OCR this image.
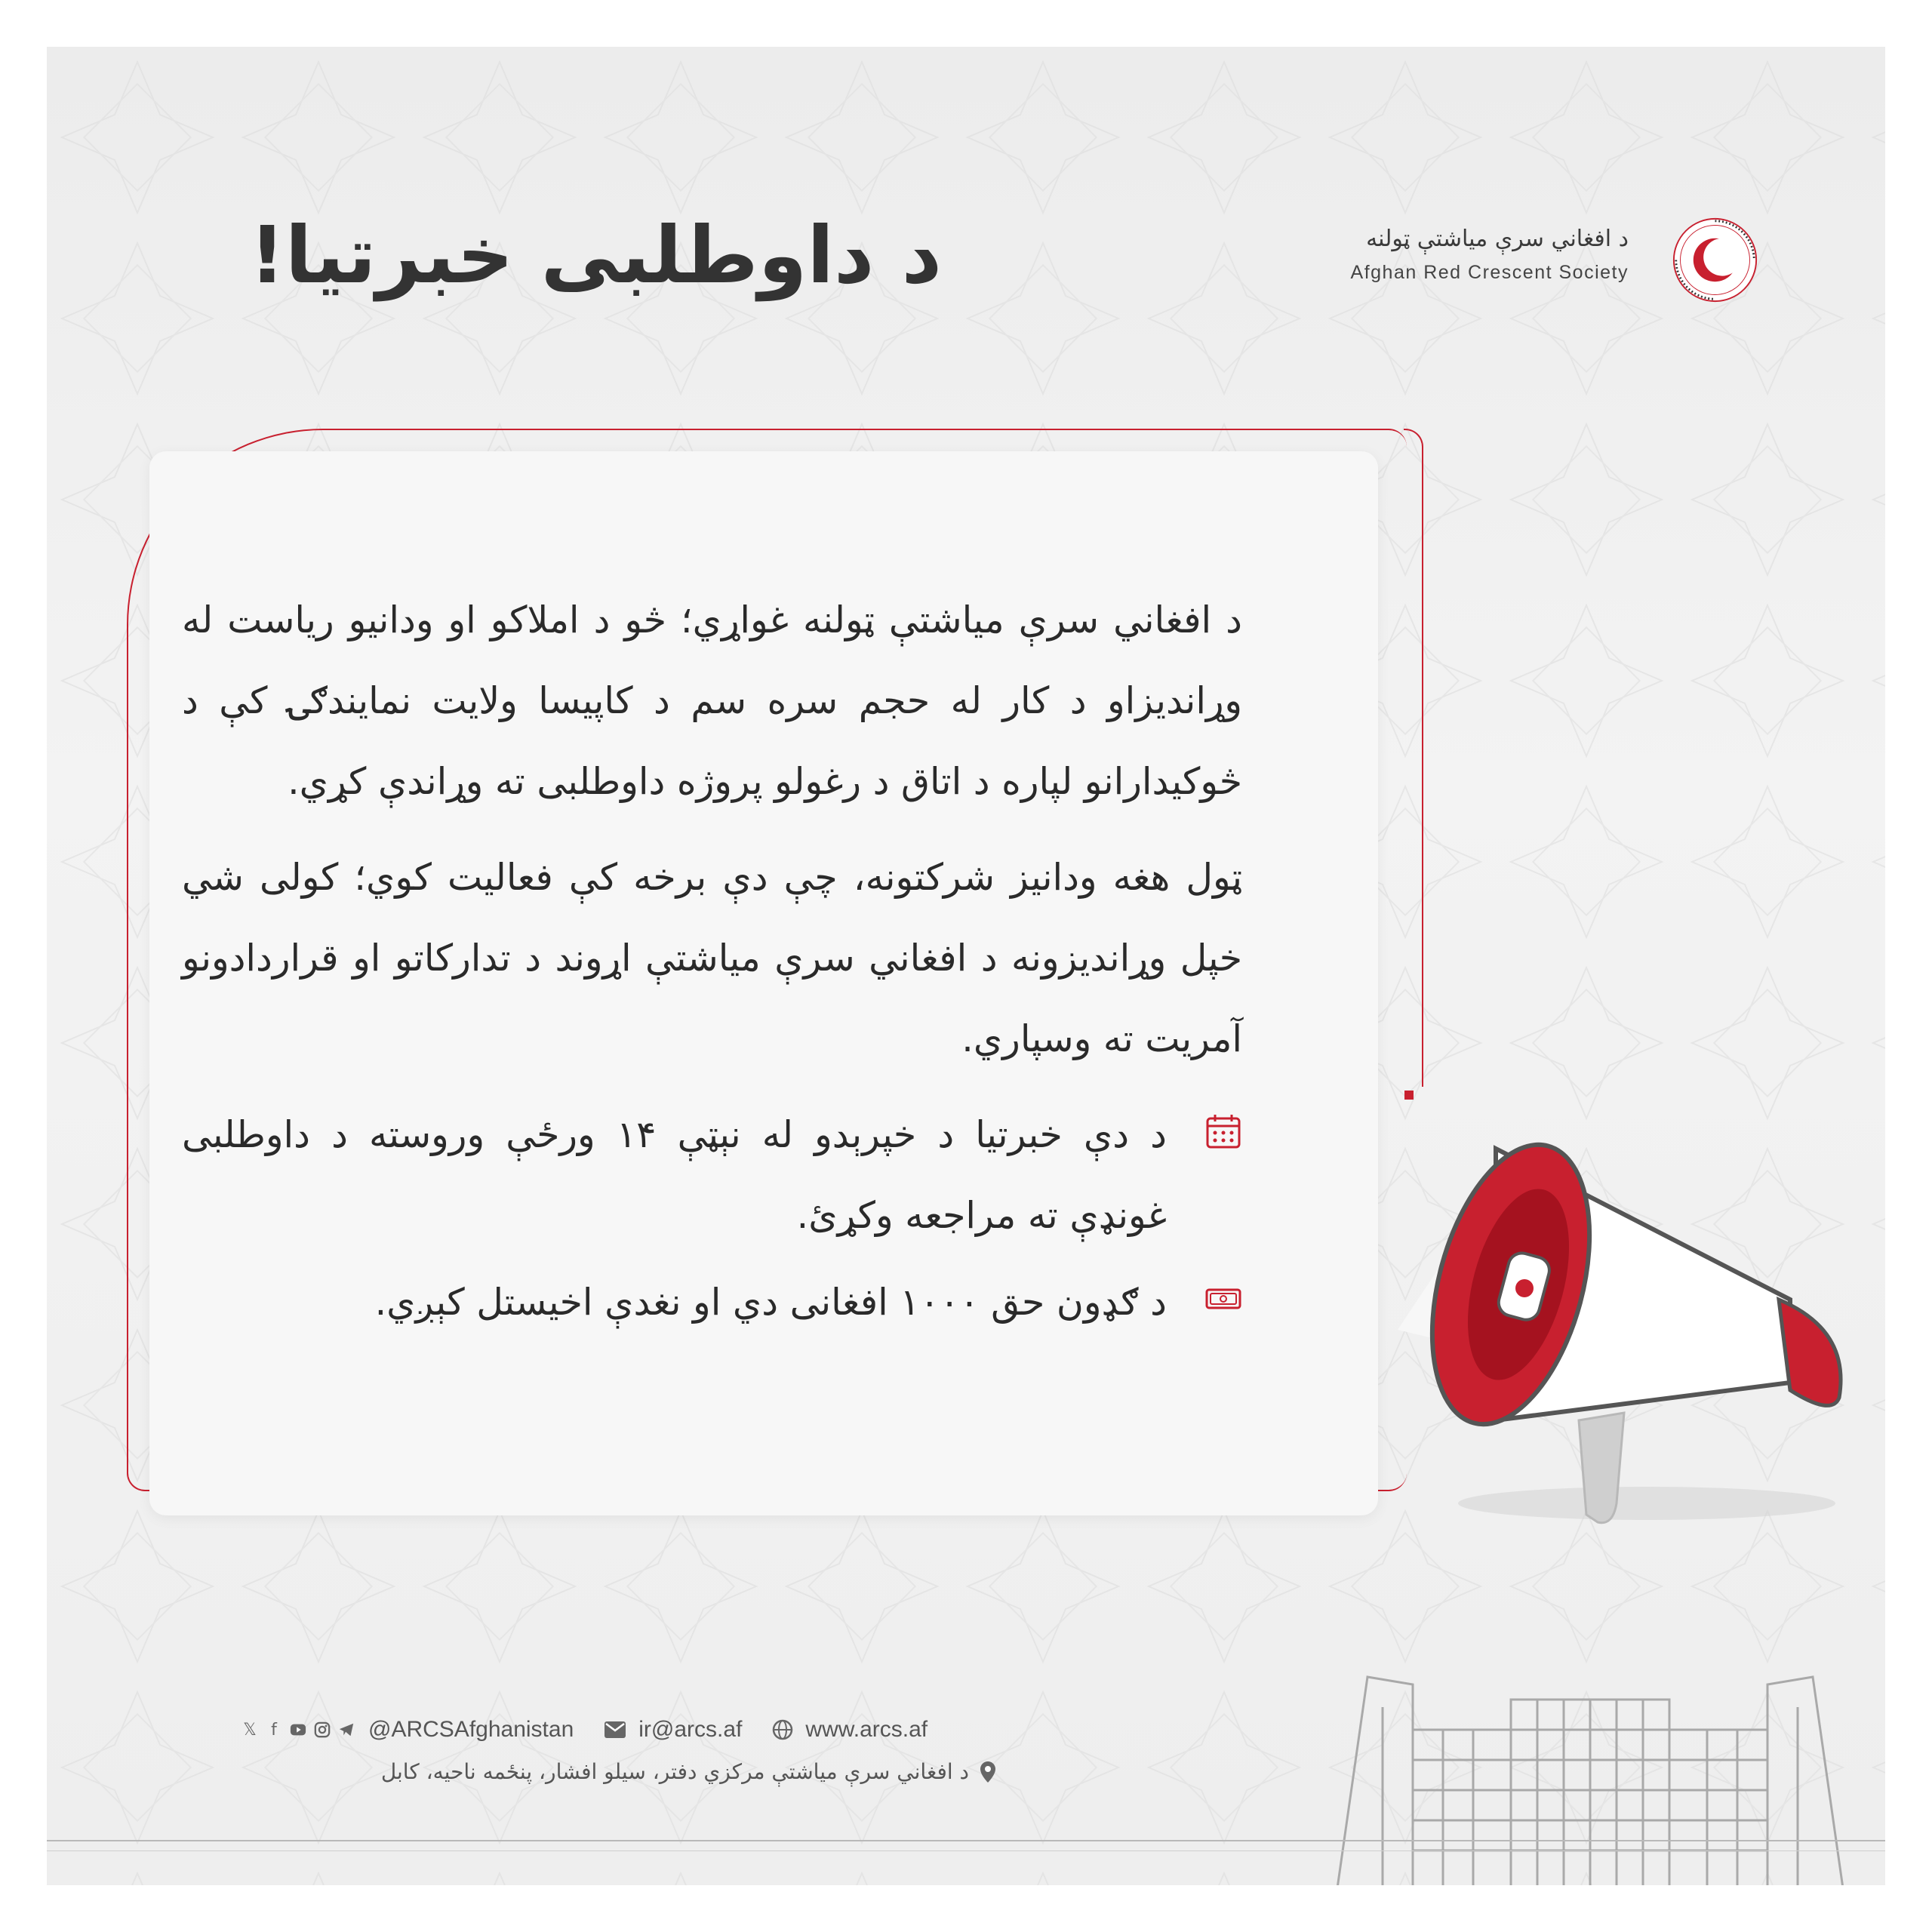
د داوطلبی خبرتیا!	د افغاني سرې میاشتې ټولنه
Afghan Red Crescent Society

د افغاني سرې میاشتې ټولنه غواړي؛ څو د املاکو او ودانیو ریاست له وړاندیزاو د کار له حجم سره سم د کاپیسا ولایت نمایندګۍ کې د څوکیدارانو لپاره د اتاق د رغولو پروژه داوطلبی ته وړاندې کړي.

ټول هغه ودانیز شرکتونه، چې دې برخه کې فعالیت کوي؛ کولی شي خپل وړاندیزونه د افغاني سرې میاشتې اړوند د تدارکاتو او قراردادونو آمریت ته وسپاري.

د دې خبرتیا د خپرېدو له نېټې ۱۴ ورځې وروسته د داوطلبی غونډې ته مراجعه وکړئ.
د ګډون حق ۱۰۰۰ افغانی دي او نغدې اخیستل کېږي.
𝕏 f	@ARCSAfghanistan	ir@arcs.af	www.arcs.af
د افغاني سرې میاشتې مرکزي دفتر، سیلو افشار، پنځمه ناحیه، کابل
